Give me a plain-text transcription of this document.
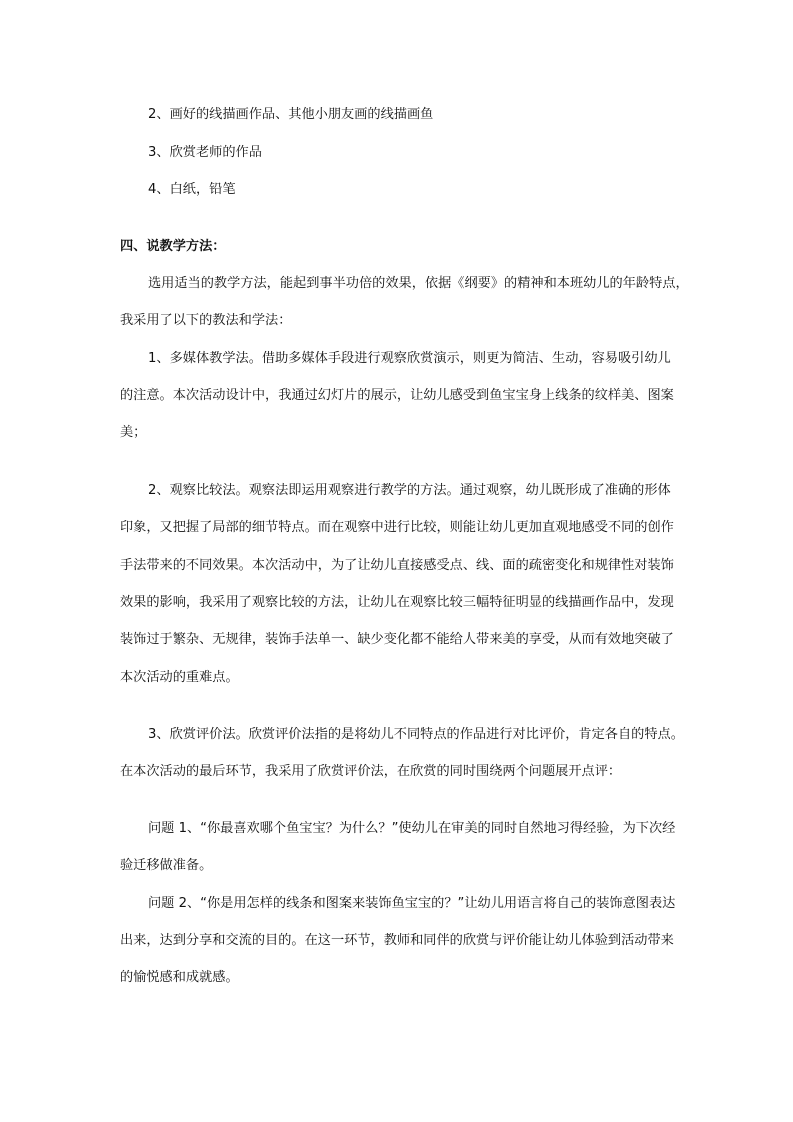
2、画好的线描画作品、其他小朋友画的线描画鱼
3、欣赏老师的作品
4、白纸，铅笔
四、说教学方法：
选用适当的教学方法，能起到事半功倍的效果，依据《纲要》的精神和本班幼儿的年龄特点，
我采用了以下的教法和学法：
1、多媒体教学法。借助多媒体手段进行观察欣赏演示，则更为简洁、生动，容易吸引幼儿
的注意。本次活动设计中，我通过幻灯片的展示，让幼儿感受到鱼宝宝身上线条的纹样美、图案
美；
2、观察比较法。观察法即运用观察进行教学的方法。通过观察，幼儿既形成了准确的形体
印象，又把握了局部的细节特点。而在观察中进行比较，则能让幼儿更加直观地感受不同的创作
手法带来的不同效果。本次活动中，为了让幼儿直接感受点、线、面的疏密变化和规律性对装饰
效果的影响，我采用了观察比较的方法，让幼儿在观察比较三幅特征明显的线描画作品中，发现
装饰过于繁杂、无规律，装饰手法单一、缺少变化都不能给人带来美的享受，从而有效地突破了
本次活动的重难点。
3、欣赏评价法。欣赏评价法指的是将幼儿不同特点的作品进行对比评价，肯定各自的特点。
在本次活动的最后环节，我采用了欣赏评价法，在欣赏的同时围绕两个问题展开点评：
问题 1、“你最喜欢哪个鱼宝宝？为什么？”使幼儿在审美的同时自然地习得经验，为下次经
验迁移做准备。
问题 2、“你是用怎样的线条和图案来装饰鱼宝宝的？”让幼儿用语言将自己的装饰意图表达
出来，达到分享和交流的目的。在这一环节，教师和同伴的欣赏与评价能让幼儿体验到活动带来
的愉悦感和成就感。
